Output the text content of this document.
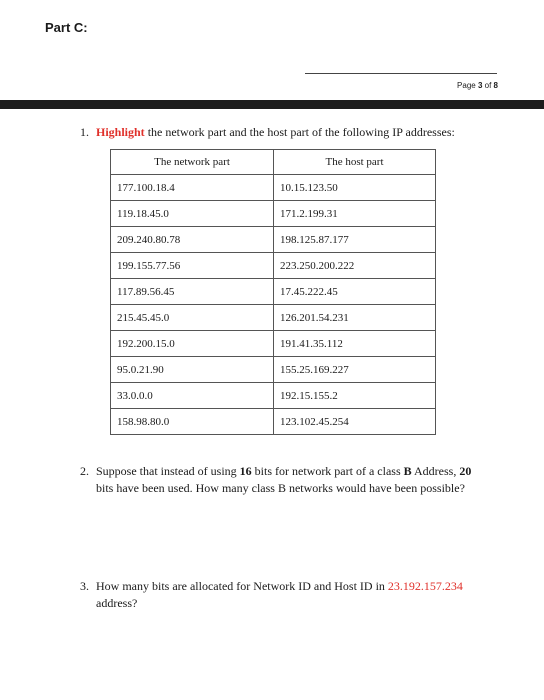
Part C:
Page 3 of 8
1. Highlight the network part and the host part of the following IP addresses:
The network part	The host part
177.100.18.4	10.15.123.50
119.18.45.0	171.2.199.31
209.240.80.78	198.125.87.177
199.155.77.56	223.250.200.222
117.89.56.45	17.45.222.45
215.45.45.0	126.201.54.231
192.200.15.0	191.41.35.112
95.0.21.90	155.25.169.227
33.0.0.0	192.15.155.2
158.98.80.0	123.102.45.254
2. Suppose that instead of using 16 bits for network part of a class B Address, 20
bits have been used. How many class B networks would have been possible?
3. How many bits are allocated for Network ID and Host ID in 23.192.157.234
address?
